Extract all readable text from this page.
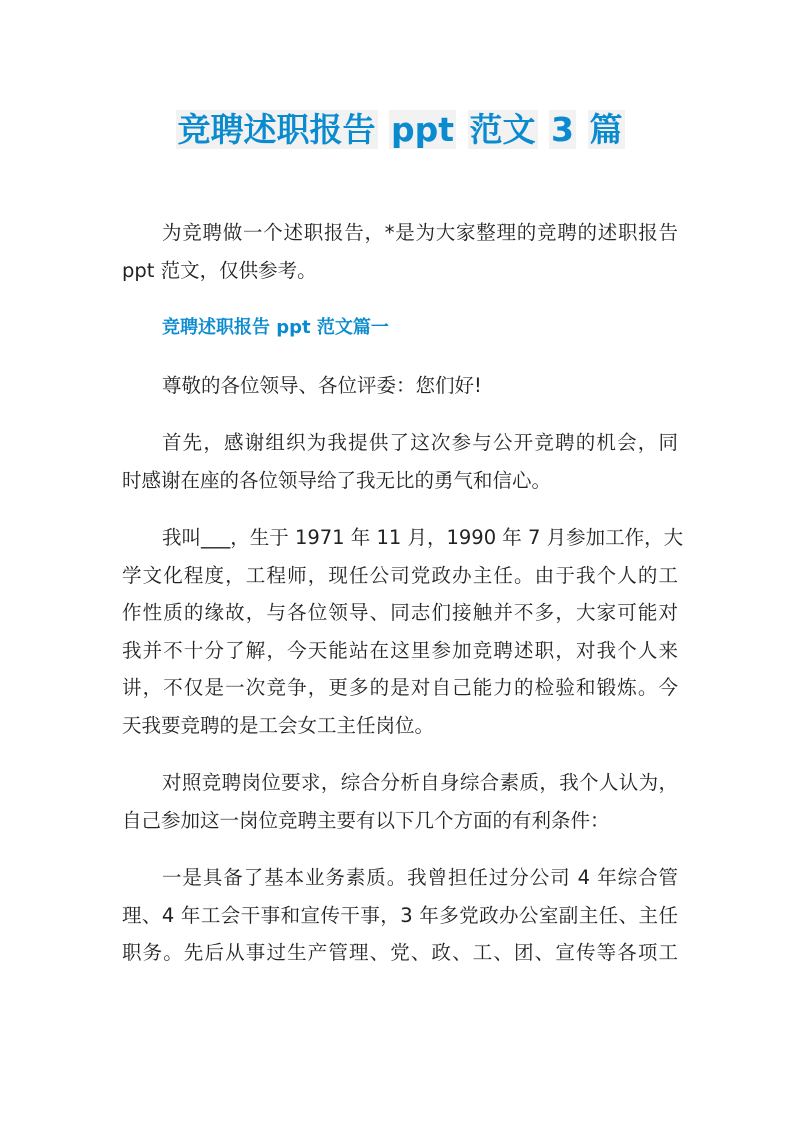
竞聘述职报告 ppt 范文 3 篇
为竞聘做一个述职报告，*是为大家整理的竞聘的述职报告
ppt 范文，仅供参考。
竞聘述职报告 ppt 范文篇一
尊敬的各位领导、各位评委：您们好!
首先，感谢组织为我提供了这次参与公开竞聘的机会，同
时感谢在座的各位领导给了我无比的勇气和信心。
我叫___，生于 1971 年 11 月，1990 年 7 月参加工作，大
学文化程度，工程师，现任公司党政办主任。由于我个人的工
作性质的缘故，与各位领导、同志们接触并不多，大家可能对
我并不十分了解，今天能站在这里参加竞聘述职，对我个人来
讲，不仅是一次竞争，更多的是对自己能力的检验和锻炼。今
天我要竞聘的是工会女工主任岗位。
对照竞聘岗位要求，综合分析自身综合素质，我个人认为，
自己参加这一岗位竞聘主要有以下几个方面的有利条件：
一是具备了基本业务素质。我曾担任过分公司 4 年综合管
理、4 年工会干事和宣传干事，3 年多党政办公室副主任、主任
职务。先后从事过生产管理、党、政、工、团、宣传等各项工
